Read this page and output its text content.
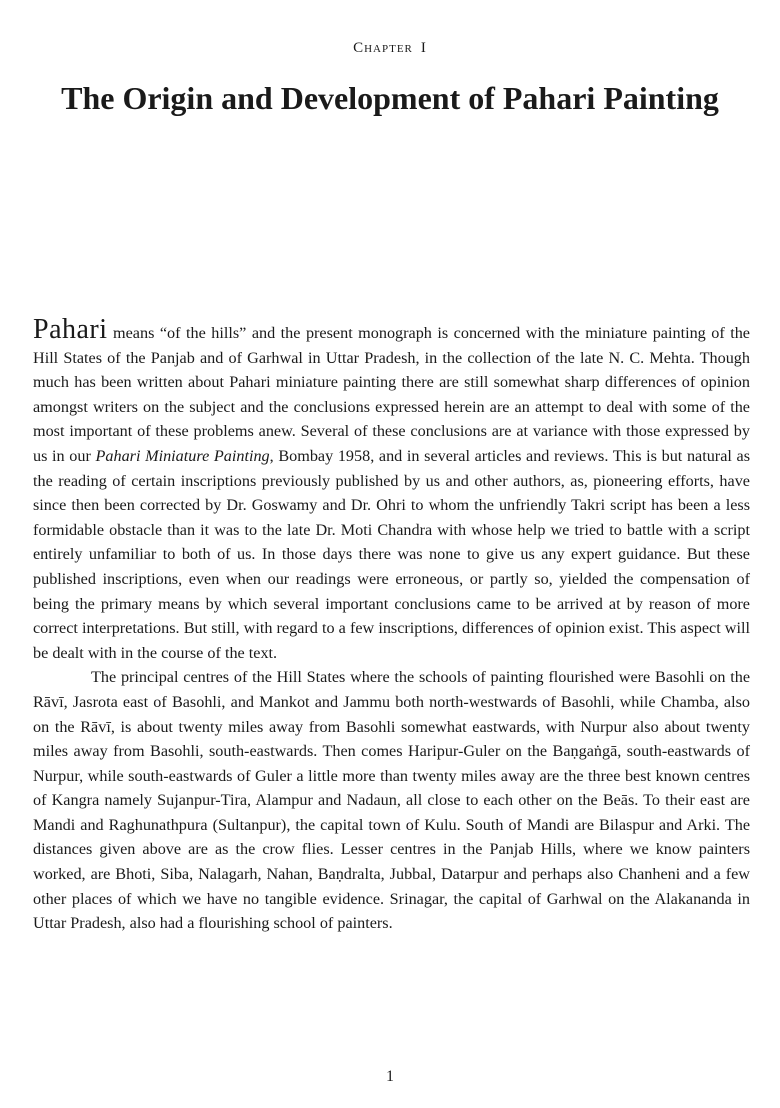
Chapter I
The Origin and Development of Pahari Painting

Pahari means “of the hills” and the present monograph is concerned with the miniature painting of the Hill States of the Panjab and of Garhwal in Uttar Pradesh, in the collection of the late N. C. Mehta. Though much has been written about Pahari miniature painting there are still somewhat sharp differences of opinion amongst writers on the subject and the conclusions expressed herein are an attempt to deal with some of the most important of these problems anew. Several of these conclusions are at variance with those expressed by us in our Pahari Miniature Painting, Bombay 1958, and in several articles and reviews. This is but natural as the reading of certain inscriptions previously published by us and other authors, as, pioneering efforts, have since then been corrected by Dr. Goswamy and Dr. Ohri to whom the unfriendly Takri script has been a less formidable obstacle than it was to the late Dr. Moti Chandra with whose help we tried to battle with a script entirely unfamiliar to both of us. In those days there was none to give us any expert guidance. But these published inscriptions, even when our readings were erroneous, or partly so, yielded the compensation of being the primary means by which several important conclusions came to be arrived at by reason of more correct interpretations. But still, with regard to a few inscriptions, differences of opinion exist. This aspect will be dealt with in the course of the text.

The principal centres of the Hill States where the schools of painting flourished were Basohli on the Rāvī, Jasrota east of Basohli, and Mankot and Jammu both north-westwards of Basohli, while Chamba, also on the Rāvī, is about twenty miles away from Basohli somewhat eastwards, with Nurpur also about twenty miles away from Basohli, south-eastwards. Then comes Haripur-Guler on the Baṇgaṅgā, south-eastwards of Nurpur, while south-eastwards of Guler a little more than twenty miles away are the three best known centres of Kangra namely Sujanpur-Tira, Alampur and Nadaun, all close to each other on the Beās. To their east are Mandi and Raghunathpura (Sultanpur), the capital town of Kulu. South of Mandi are Bilaspur and Arki. The distances given above are as the crow flies. Lesser centres in the Panjab Hills, where we know painters worked, are Bhoti, Siba, Nalagarh, Nahan, Baṇdralta, Jubbal, Datarpur and perhaps also Chanheni and a few other places of which we have no tangible evidence. Srinagar, the capital of Garhwal on the Alakananda in Uttar Pradesh, also had a flourishing school of painters.

1
